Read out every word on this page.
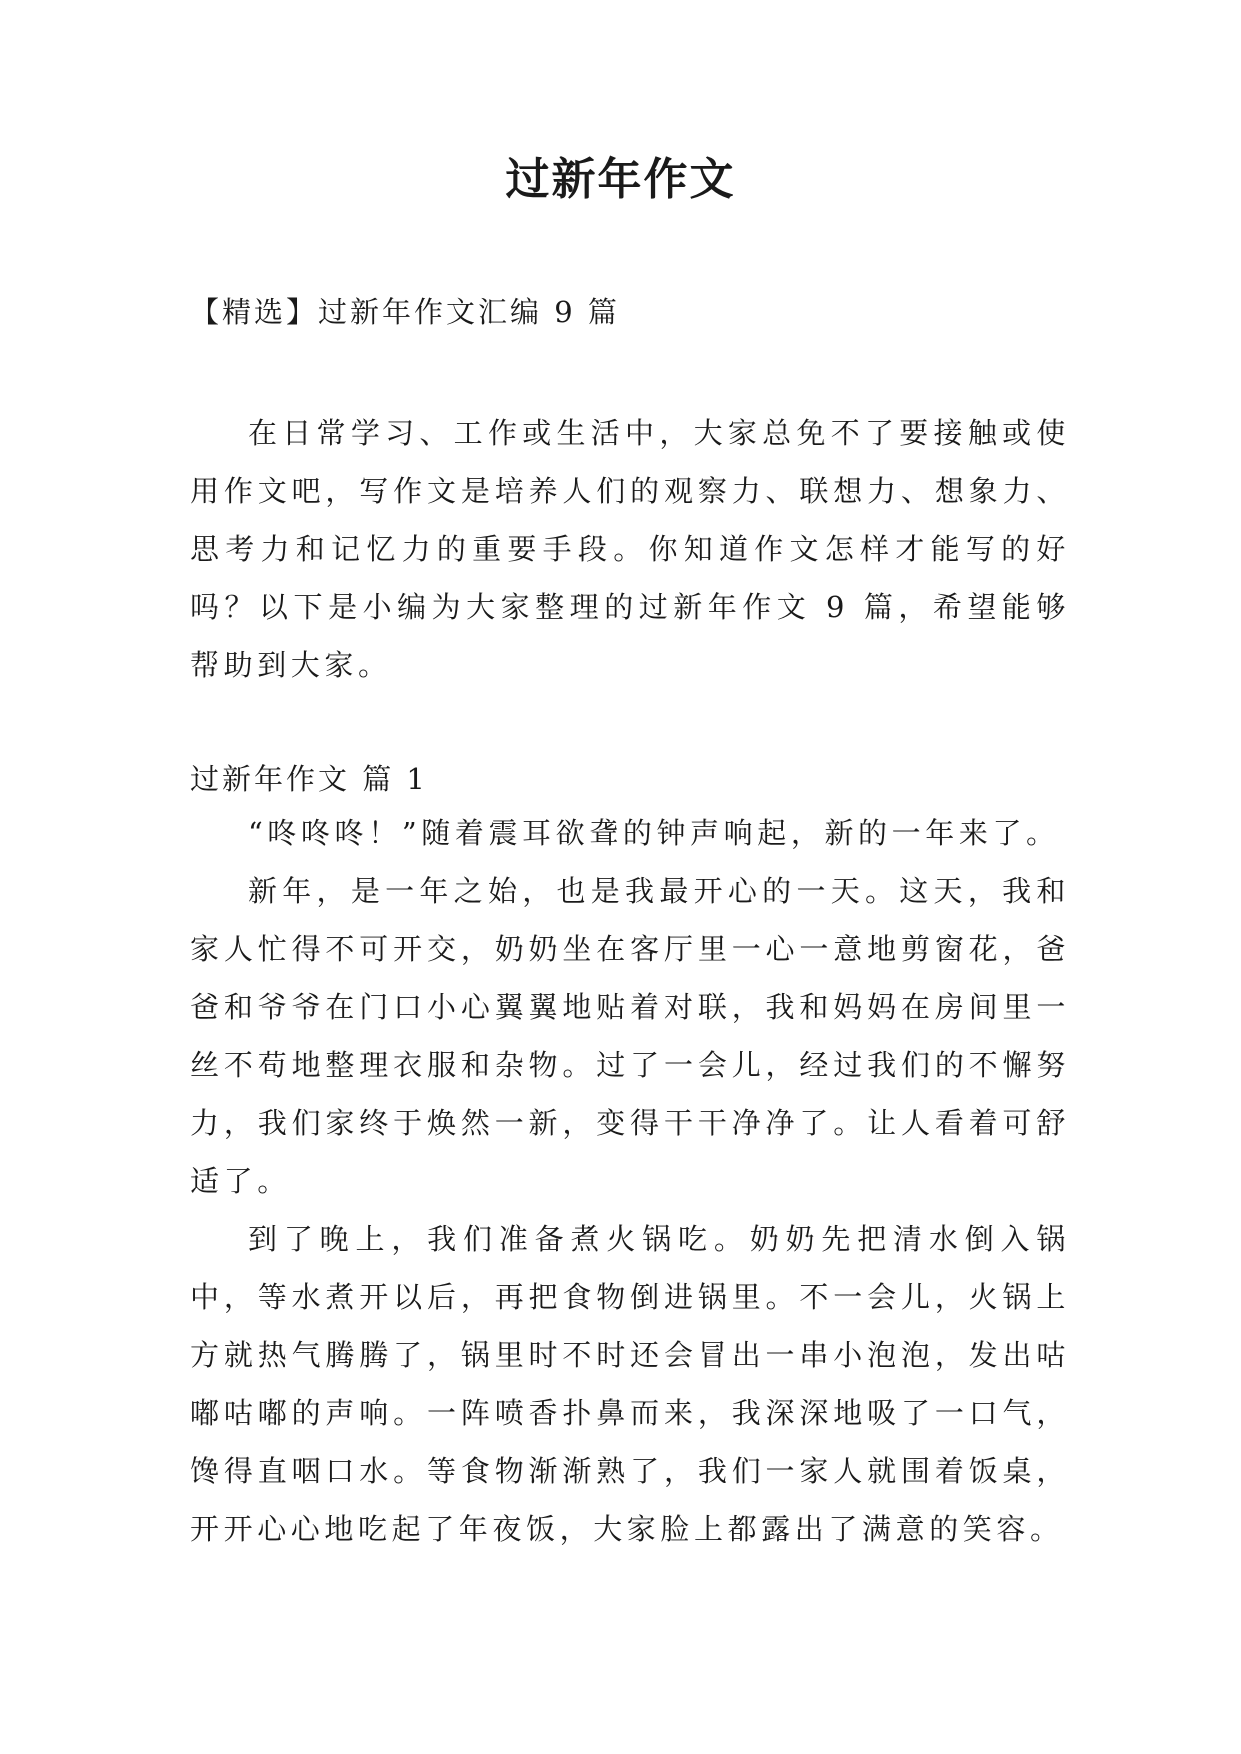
过新年作文

【精选】过新年作文汇编 9 篇

在日常学习、工作或生活中，大家总免不了要接触或使用作文吧，写作文是培养人们的观察力、联想力、想象力、思考力和记忆力的重要手段。你知道作文怎样才能写的好吗？以下是小编为大家整理的过新年作文 9 篇，希望能够帮助到大家。

过新年作文 篇 1

“咚咚咚！”随着震耳欲聋的钟声响起，新的一年来了。

新年，是一年之始，也是我最开心的一天。这天，我和家人忙得不可开交，奶奶坐在客厅里一心一意地剪窗花，爸爸和爷爷在门口小心翼翼地贴着对联，我和妈妈在房间里一丝不苟地整理衣服和杂物。过了一会儿，经过我们的不懈努力，我们家终于焕然一新，变得干干净净了。让人看着可舒适了。

到了晚上，我们准备煮火锅吃。奶奶先把清水倒入锅中，等水煮开以后，再把食物倒进锅里。不一会儿，火锅上方就热气腾腾了，锅里时不时还会冒出一串小泡泡，发出咕嘟咕嘟的声响。一阵喷香扑鼻而来，我深深地吸了一口气，馋得直咽口水。等食物渐渐熟了，我们一家人就围着饭桌，开开心心地吃起了年夜饭，大家脸上都露出了满意的笑容。
